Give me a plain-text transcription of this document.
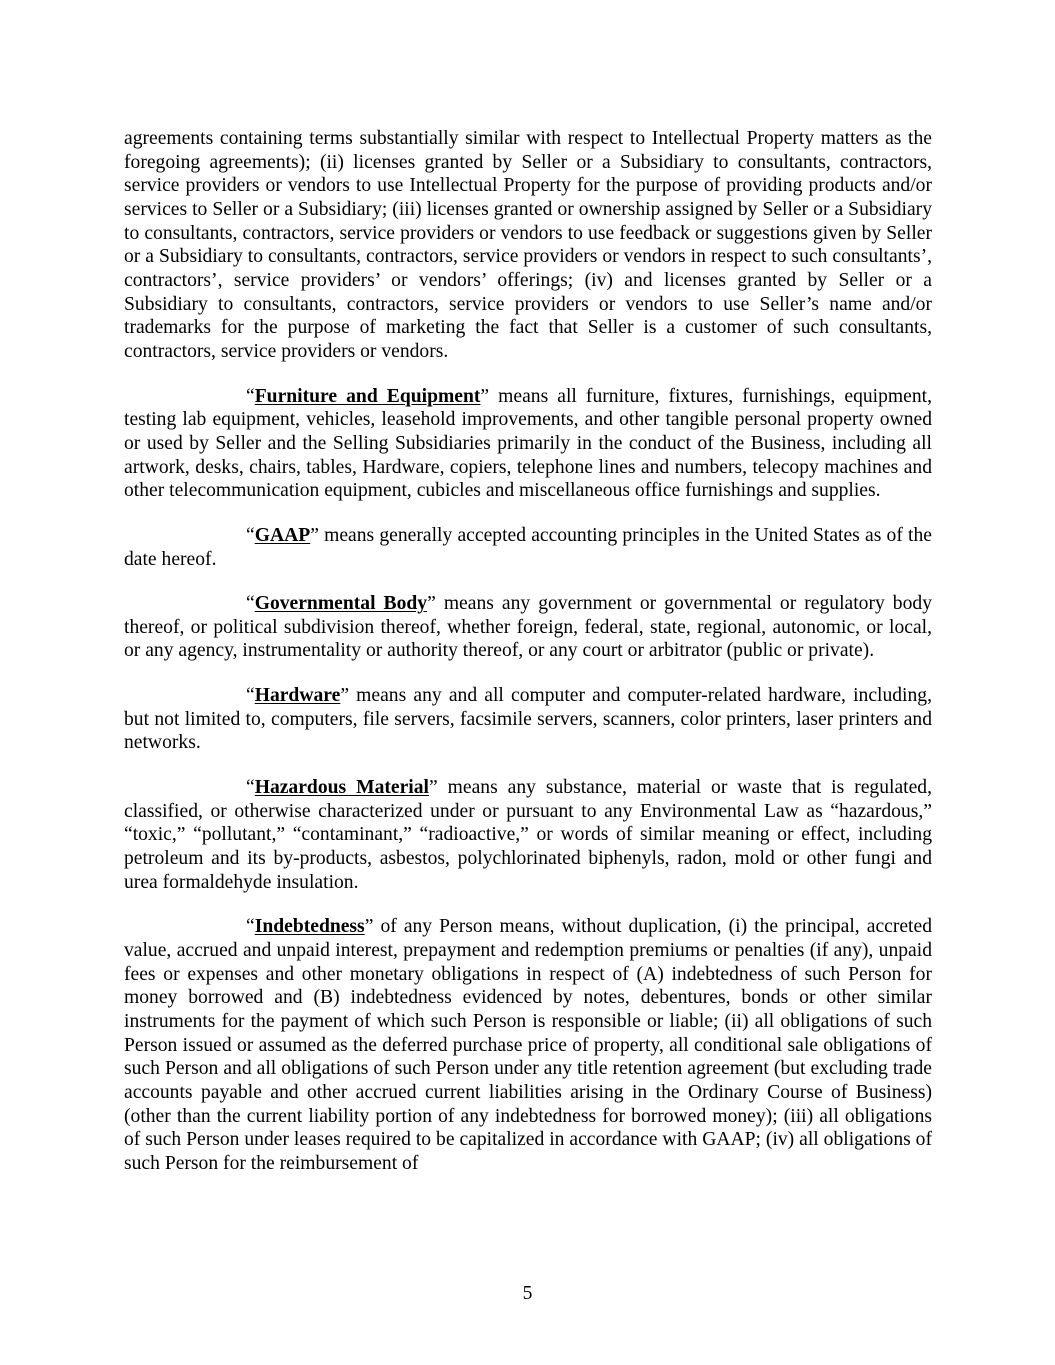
agreements containing terms substantially similar with respect to Intellectual Property matters as the foregoing agreements); (ii) licenses granted by Seller or a Subsidiary to consultants, contractors, service providers or vendors to use Intellectual Property for the purpose of providing products and/or services to Seller or a Subsidiary; (iii) licenses granted or ownership assigned by Seller or a Subsidiary to consultants, contractors, service providers or vendors to use feedback or suggestions given by Seller or a Subsidiary to consultants, contractors, service providers or vendors in respect to such consultants’, contractors’, service providers’ or vendors’ offerings; (iv) and licenses granted by Seller or a Subsidiary to consultants, contractors, service providers or vendors to use Seller’s name and/or trademarks for the purpose of marketing the fact that Seller is a customer of such consultants, contractors, service providers or vendors.

“Furniture and Equipment” means all furniture, fixtures, furnishings, equipment, testing lab equipment, vehicles, leasehold improvements, and other tangible personal property owned or used by Seller and the Selling Subsidiaries primarily in the conduct of the Business, including all artwork, desks, chairs, tables, Hardware, copiers, telephone lines and numbers, telecopy machines and other telecommunication equipment, cubicles and miscellaneous office furnishings and supplies.

“GAAP” means generally accepted accounting principles in the United States as of the date hereof.

“Governmental Body” means any government or governmental or regulatory body thereof, or political subdivision thereof, whether foreign, federal, state, regional, autonomic, or local, or any agency, instrumentality or authority thereof, or any court or arbitrator (public or private).

“Hardware” means any and all computer and computer-related hardware, including, but not limited to, computers, file servers, facsimile servers, scanners, color printers, laser printers and networks.

“Hazardous Material” means any substance, material or waste that is regulated, classified, or otherwise characterized under or pursuant to any Environmental Law as “hazardous,” “toxic,” “pollutant,” “contaminant,” “radioactive,” or words of similar meaning or effect, including petroleum and its by-products, asbestos, polychlorinated biphenyls, radon, mold or other fungi and urea formaldehyde insulation.

“Indebtedness” of any Person means, without duplication, (i) the principal, accreted value, accrued and unpaid interest, prepayment and redemption premiums or penalties (if any), unpaid fees or expenses and other monetary obligations in respect of (A) indebtedness of such Person for money borrowed and (B) indebtedness evidenced by notes, debentures, bonds or other similar instruments for the payment of which such Person is responsible or liable; (ii) all obligations of such Person issued or assumed as the deferred purchase price of property, all conditional sale obligations of such Person and all obligations of such Person under any title retention agreement (but excluding trade accounts payable and other accrued current liabilities arising in the Ordinary Course of Business) (other than the current liability portion of any indebtedness for borrowed money); (iii) all obligations of such Person under leases required to be capitalized in accordance with GAAP; (iv) all obligations of such Person for the reimbursement of

5
